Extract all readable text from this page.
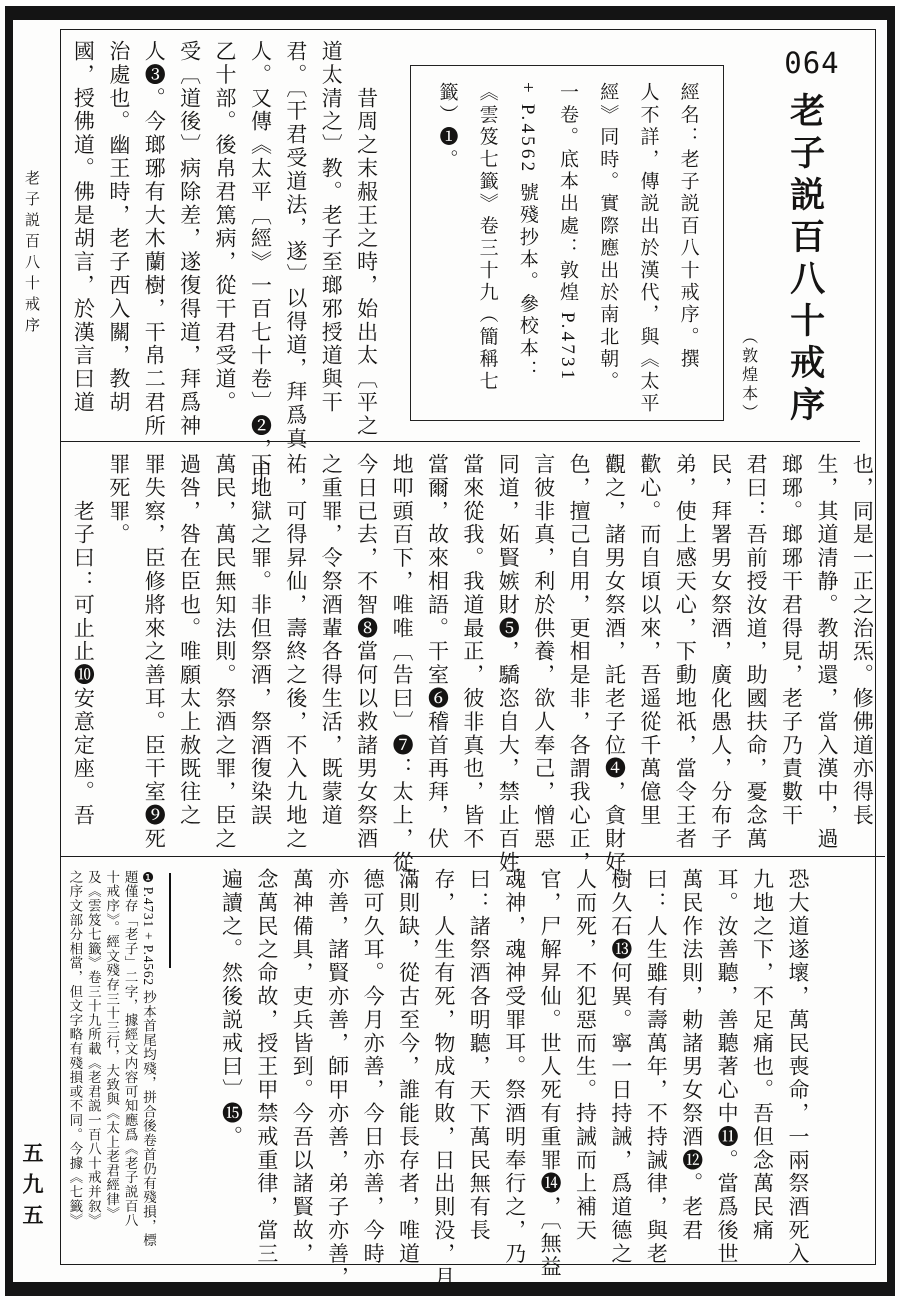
老子説百八十戒序
五九五
064
老子説百八十戒序
（敦煌本）
經名：老子説百八十戒序。撰
人不詳，傳説出於漢代，與《太平
經》同時。實際應出於南北朝。
一卷。底本出處：敦煌 P.4731
+ P.4562 號殘抄本。參校本：
《雲笈七籤》卷三十九（簡稱七
籤）❶。
　　昔周之末赧王之時，始出太〔平之
道太清之〕教。老子至瑯邪授道與干
君。〔干君受道法，遂〕以得道，拜爲真
人。又傳《太平〔經》一百七十卷〕❷，甲
乙十部。後帛君篤病，從干君受道。
受〔道後〕病除差，遂復得道，拜爲神
人❸。今瑯琊有大木蘭樹，干帛二君所
治處也。幽王時，老子西入關，教胡
國，授佛道。佛是胡言，於漢言曰道
也，同是一正之治炁。修佛道亦得長
生，其道清静。教胡還，當入漢中，過
瑯琊。瑯琊干君得見，老子乃責數干
君曰：吾前授汝道，助國扶命，憂念萬
民，拜署男女祭酒，廣化愚人，分布子
弟，使上感天心，下動地祇，當令王者
歡心。而自頃以來，吾遥從千萬億里
觀之，諸男女祭酒，託老子位❹，貪財好
色，擅己自用，更相是非，各謂我心正，
言彼非真，利於供養，欲人奉己，憎惡
同道，妬賢嫉財❺，驕恣自大，禁止百姓
當來從我。我道最正，彼非真也，皆不
當爾，故來相語。干室❻稽首再拜，伏
地叩頭百下，唯唯〔告曰〕❼：太上，從
今日已去，不智❽當何以救諸男女祭酒
之重罪，令祭酒輩各得生活，既蒙道
祐，可得昇仙，壽終之後，不入九地之
下地獄之罪。非但祭酒，祭酒復染誤
萬民，萬民無知法則。祭酒之罪，臣之
過咎，咎在臣也。唯願太上赦既往之
罪失察，臣修將來之善耳。臣干室❾死
罪死罪。
　　老子曰：可止止❿安意定座。吾
恐大道遂壞，萬民喪命，一兩祭酒死入
九地之下，不足痛也。吾但念萬民痛
耳。汝善聽，善聽著心中⓫。當爲後世
萬民作法則，勅諸男女祭酒⓬。老君
曰：人生雖有壽萬年，不持誡律，與老
樹久石⓭何異。寧一日持誡，爲道德之
人而死，不犯惡而生。持誡而上補天
官，尸解昇仙。世人死有重罪⓮，〔無益
魂神，魂神受罪耳。祭酒明奉行之，乃
曰：諸祭酒各明聽，天下萬民無有長
存，人生有死，物成有敗，日出則没，月
滿則缺，從古至今，誰能長存者，唯道
德可久耳。今月亦善，今日亦善，今時
亦善，諸賢亦善，師甲亦善，弟子亦善，
萬神備具，吏兵皆到。今吾以諸賢故，
念萬民之命故，授王甲禁戒重律，當三
遍讀之。然後説戒曰〕⓯。
❶P.4731 + P.4562 抄本首尾均殘，拼合後卷首仍有殘損，標
題僅存「老子」二字，據經文内容可知應爲《老子説百八
十戒序》。經文殘存三十三行，大致與《太上老君經律》
及《雲笈七籤》卷三十九所載《老君説一百八十戒并叙》
之序文部分相當，但文字略有殘損或不同。今據《七籤》
